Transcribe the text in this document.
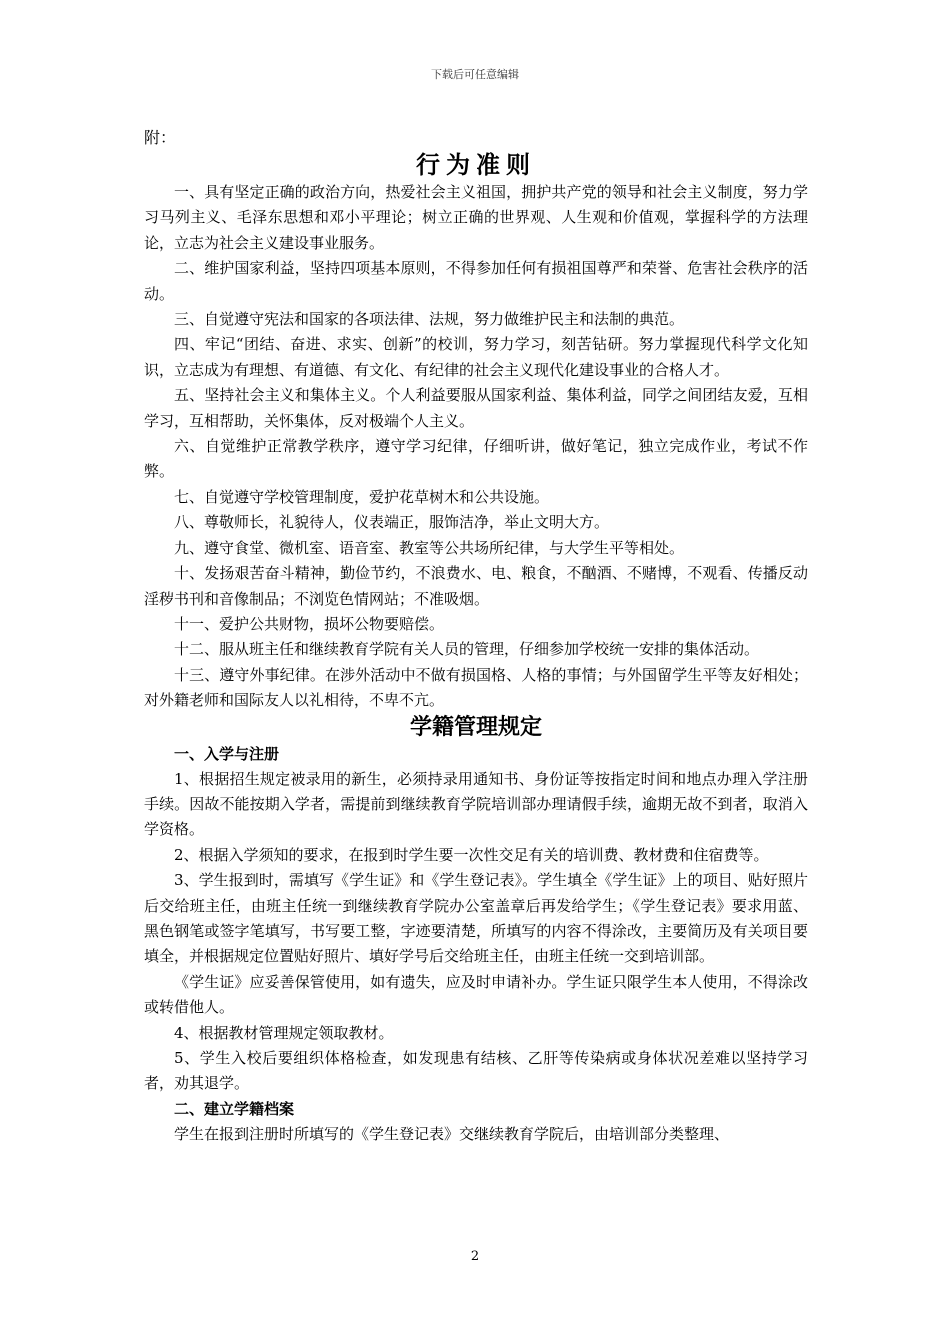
下载后可任意编辑

附：

行为准则

一、具有坚定正确的政治方向，热爱社会主义祖国，拥护共产党的领导和社会主义制度，努力学习马列主义、毛泽东思想和邓小平理论；树立正确的世界观、人生观和价值观，掌握科学的方法理论，立志为社会主义建设事业服务。

二、维护国家利益，坚持四项基本原则，不得参加任何有损祖国尊严和荣誉、危害社会秩序的活动。

三、自觉遵守宪法和国家的各项法律、法规，努力做维护民主和法制的典范。

四、牢记“团结、奋进、求实、创新”的校训，努力学习，刻苦钻研。努力掌握现代科学文化知识，立志成为有理想、有道德、有文化、有纪律的社会主义现代化建设事业的合格人才。

五、坚持社会主义和集体主义。个人利益要服从国家利益、集体利益，同学之间团结友爱，互相学习，互相帮助，关怀集体，反对极端个人主义。

六、自觉维护正常教学秩序，遵守学习纪律，仔细听讲，做好笔记，独立完成作业，考试不作弊。

七、自觉遵守学校管理制度，爱护花草树木和公共设施。

八、尊敬师长，礼貌待人，仪表端正，服饰洁净，举止文明大方。

九、遵守食堂、微机室、语音室、教室等公共场所纪律，与大学生平等相处。

十、发扬艰苦奋斗精神，勤俭节约，不浪费水、电、粮食，不酗酒、不赌博，不观看、传播反动淫秽书刊和音像制品；不浏览色情网站；不准吸烟。

十一、爱护公共财物，损坏公物要赔偿。

十二、服从班主任和继续教育学院有关人员的管理，仔细参加学校统一安排的集体活动。

十三、遵守外事纪律。在涉外活动中不做有损国格、人格的事情；与外国留学生平等友好相处；对外籍老师和国际友人以礼相待，不卑不亢。

学籍管理规定

一、入学与注册

1、根据招生规定被录用的新生，必须持录用通知书、身份证等按指定时间和地点办理入学注册手续。因故不能按期入学者，需提前到继续教育学院培训部办理请假手续，逾期无故不到者，取消入学资格。

2、根据入学须知的要求，在报到时学生要一次性交足有关的培训费、教材费和住宿费等。

3、学生报到时，需填写《学生证》和《学生登记表》。学生填全《学生证》上的项目、贴好照片后交给班主任，由班主任统一到继续教育学院办公室盖章后再发给学生；《学生登记表》要求用蓝、黑色钢笔或签字笔填写，书写要工整，字迹要清楚，所填写的内容不得涂改，主要简历及有关项目要填全，并根据规定位置贴好照片、填好学号后交给班主任，由班主任统一交到培训部。

《学生证》应妥善保管使用，如有遗失，应及时申请补办。学生证只限学生本人使用，不得涂改或转借他人。

4、根据教材管理规定领取教材。

5、学生入校后要组织体格检查，如发现患有结核、乙肝等传染病或身体状况差难以坚持学习者，劝其退学。

二、建立学籍档案

学生在报到注册时所填写的《学生登记表》交继续教育学院后，由培训部分类整理、

2
